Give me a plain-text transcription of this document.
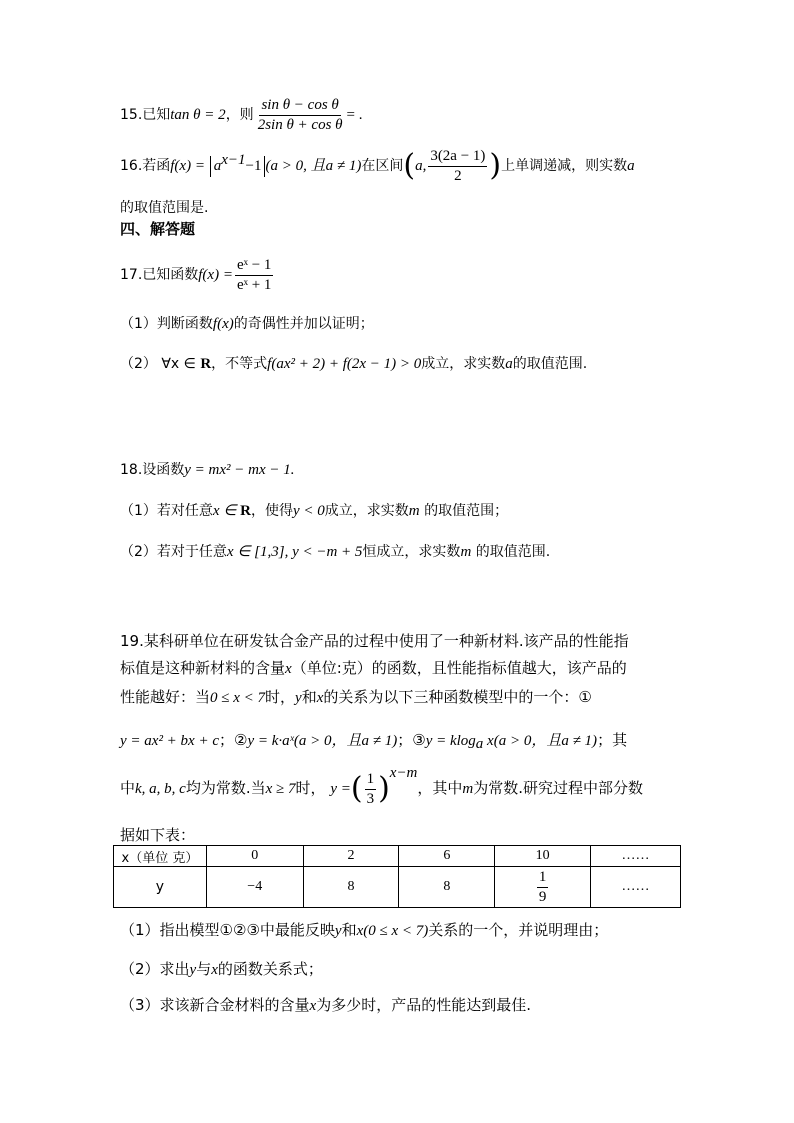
15.已知tan θ = 2，则 $\frac{\text{sin θ − cos θ}}{\text{2sin θ + cos θ}}$ = .
16.若函$f(x) = a^{x-1}-1$ (a > 0, 且a ≠ 1)在区间(a, $\frac{3(2a - 1)}{2}$ )上单调递减，则实数a
的取值范围是.
四、解答题
17.已知函数$f(x) = \frac{\text{eˣ − 1}}{\text{eˣ + 1}}$
（1）判断函数f(x)的奇偶性并加以证明；
（2） ∀x ∈ R，不等式f(ax² + 2) + f(2x − 1) > 0成立，求实数a的取值范围.
18.设函数y = mx² − mx − 1.
（1）若对任意x ∈ R，使得y < 0成立，求实数m 的取值范围；
（2）若对于任意x ∈ [1,3], y < −m + 5恒成立，求实数m 的取值范围.
19.某科研单位在研发钛合金产品的过程中使用了一种新材料.该产品的性能指
标值是这种新材料的含量x（单位:克）的函数，且性能指标值越大，该产品的
性能越好：当0 ≤ x < 7时，y和x的关系为以下三种函数模型中的一个：①
y = ax² + bx + c；②y = k·aˣ(a > 0，且a ≠ 1)；③y = klog$_a$ x(a > 0，且a ≠ 1)；其
中k, a, b, c均为常数.当x ≥ 7时， y =( $\frac{1}{3} )^{x-m}$，其中m为常数.研究过程中部分数
据如下表：
x（单位 克）	0	2	6	10	……
y	−4	8	8	$\frac{1}{9}$	……
（1）指出模型①②③中最能反映y和x(0 ≤ x < 7)关系的一个，并说明理由；
（2）求出y与x的函数关系式；
（3）求该新合金材料的含量x为多少时，产品的性能达到最佳.
